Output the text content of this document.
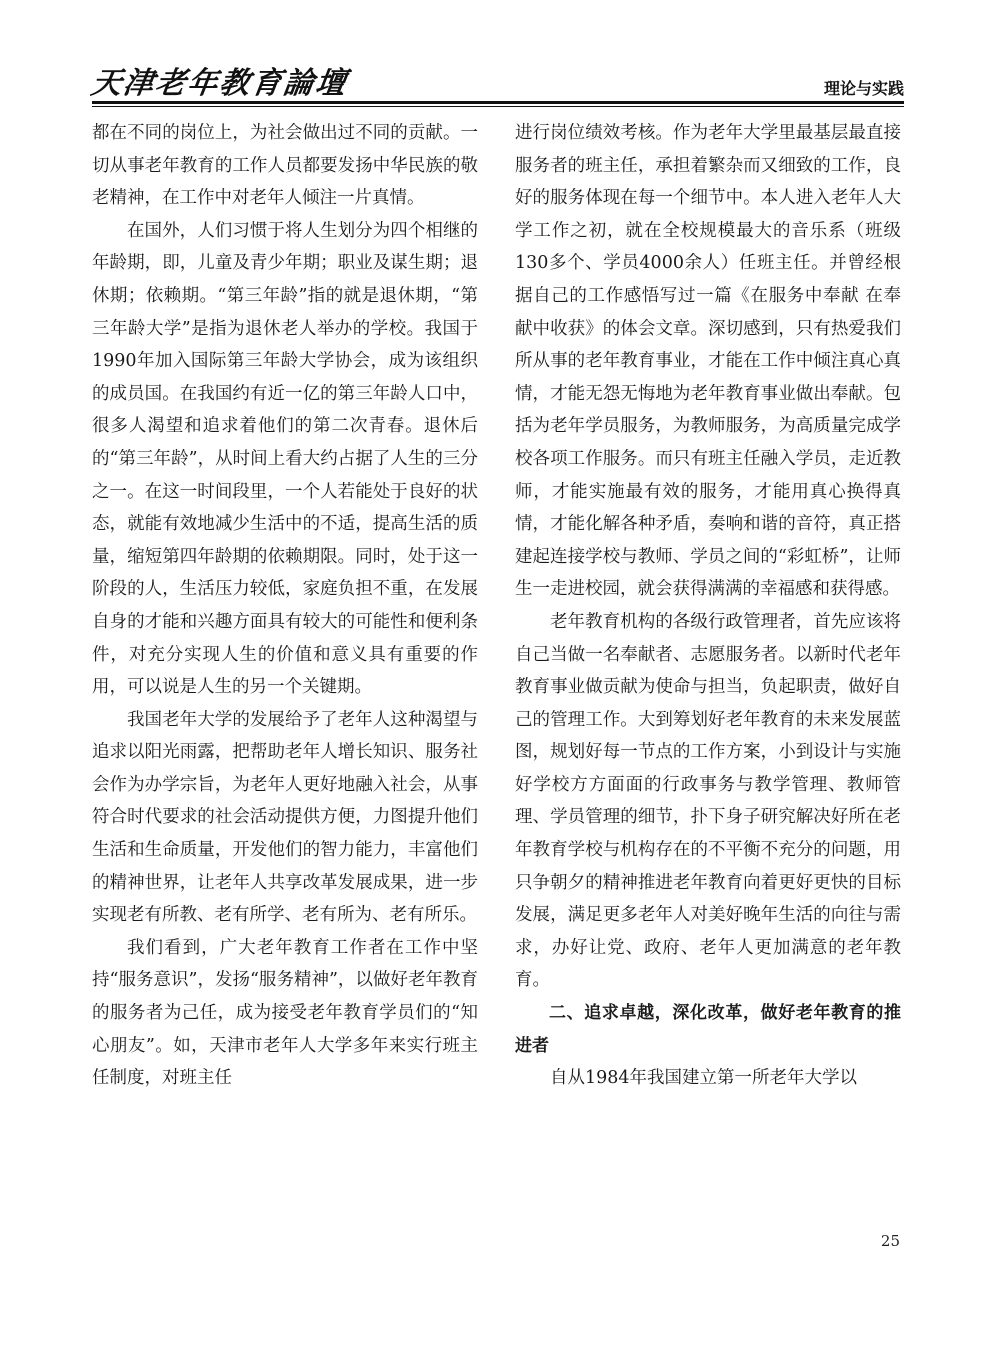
天津老年教育論壇	理论与实践

都在不同的岗位上，为社会做出过不同的贡献。一切从事老年教育的工作人员都要发扬中华民族的敬老精神，在工作中对老年人倾注一片真情。

在国外，人们习惯于将人生划分为四个相继的年龄期，即，儿童及青少年期；职业及谋生期；退休期；依赖期。“第三年龄”指的就是退休期，“第三年龄大学”是指为退休老人举办的学校。我国于1990年加入国际第三年龄大学协会，成为该组织的成员国。在我国约有近一亿的第三年龄人口中，很多人渴望和追求着他们的第二次青春。退休后的“第三年龄”，从时间上看大约占据了人生的三分之一。在这一时间段里，一个人若能处于良好的状态，就能有效地减少生活中的不适，提高生活的质量，缩短第四年龄期的依赖期限。同时，处于这一阶段的人，生活压力较低，家庭负担不重，在发展自身的才能和兴趣方面具有较大的可能性和便利条件，对充分实现人生的价值和意义具有重要的作用，可以说是人生的另一个关键期。

我国老年大学的发展给予了老年人这种渴望与追求以阳光雨露，把帮助老年人增长知识、服务社会作为办学宗旨，为老年人更好地融入社会，从事符合时代要求的社会活动提供方便，力图提升他们生活和生命质量，开发他们的智力能力，丰富他们的精神世界，让老年人共享改革发展成果，进一步实现老有所教、老有所学、老有所为、老有所乐。

我们看到，广大老年教育工作者在工作中坚持“服务意识”，发扬“服务精神”，以做好老年教育的服务者为己任，成为接受老年教育学员们的“知心朋友”。如，天津市老年人大学多年来实行班主任制度，对班主任

进行岗位绩效考核。作为老年大学里最基层最直接服务者的班主任，承担着繁杂而又细致的工作，良好的服务体现在每一个细节中。本人进入老年人大学工作之初，就在全校规模最大的音乐系（班级130多个、学员4000余人）任班主任。并曾经根据自己的工作感悟写过一篇《在服务中奉献 在奉献中收获》的体会文章。深切感到，只有热爱我们所从事的老年教育事业，才能在工作中倾注真心真情，才能无怨无悔地为老年教育事业做出奉献。包括为老年学员服务，为教师服务，为高质量完成学校各项工作服务。而只有班主任融入学员，走近教师，才能实施最有效的服务，才能用真心换得真情，才能化解各种矛盾，奏响和谐的音符，真正搭建起连接学校与教师、学员之间的“彩虹桥”，让师生一走进校园，就会获得满满的幸福感和获得感。

老年教育机构的各级行政管理者，首先应该将自己当做一名奉献者、志愿服务者。以新时代老年教育事业做贡献为使命与担当，负起职责，做好自己的管理工作。大到筹划好老年教育的未来发展蓝图，规划好每一节点的工作方案，小到设计与实施好学校方方面面的行政事务与教学管理、教师管理、学员管理的细节，扑下身子研究解决好所在老年教育学校与机构存在的不平衡不充分的问题，用只争朝夕的精神推进老年教育向着更好更快的目标发展，满足更多老年人对美好晚年生活的向往与需求，办好让党、政府、老年人更加满意的老年教育。

二、追求卓越，深化改革，做好老年教育的推进者

自从1984年我国建立第一所老年大学以

25
